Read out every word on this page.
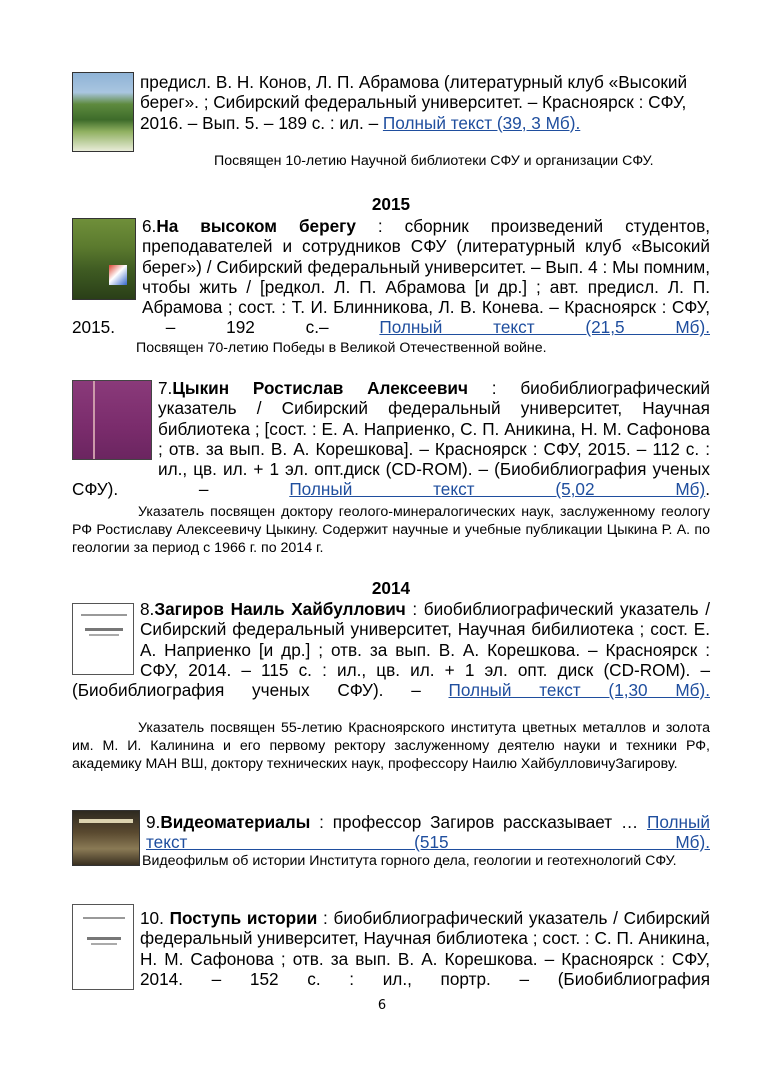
предисл. В. Н. Конов, Л. П. Абрамова (литературный клуб «Высокий берег». ; Сибирский федеральный университет. – Красноярск : СФУ, 2016. – Вып. 5. – 189 с. : ил. – Полный текст (39, 3 Мб).

Посвящен 10-летию Научной библиотеки СФУ и организации СФУ.

2015

6.На высоком берегу : сборник произведений студентов, преподавателей и сотрудников СФУ (литературный клуб «Высокий берег») / Сибирский федеральный университет. – Вып. 4 : Мы помним, чтобы жить / [редкол. Л. П. Абрамова [и др.] ; авт. предисл. Л. П. Абрамова ; сост. : Т. И. Блинникова, Л. В. Конева. – Красноярск : СФУ, 2015. – 192 с.– Полный текст (21,5 Мб).

Посвящен 70-летию Победы в Великой Отечественной войне.

7.Цыкин Ростислав Алексеевич : биобиблиографический указатель / Сибирский федеральный университет, Научная библиотека ; [сост. : Е. А. Наприенко, С. П. Аникина, Н. М. Сафонова ; отв. за вып. В. А. Корешкова]. – Красноярск : СФУ, 2015. – 112 с. : ил., цв. ил. + 1 эл. опт.диск (CD-ROM). – (Биобиблиография ученых СФУ). – Полный текст (5,02 Мб).

Указатель посвящен доктору геолого-минералогических наук, заслуженному геологу РФ Ростиславу Алексеевичу Цыкину. Содержит научные и учебные публикации Цыкина Р. А. по геологии за период с 1966 г. по 2014 г.

2014

8.Загиров Наиль Хайбуллович : биобиблиографический указатель / Сибирский федеральный университет, Научная бибилиотека ; сост. Е. А. Наприенко [и др.] ; отв. за вып. В. А. Корешкова. – Красноярск : СФУ, 2014. – 115 с. : ил., цв. ил. + 1 эл. опт. диск (CD-ROM). – (Биобиблиография ученых СФУ). – Полный текст (1,30 Мб).

Указатель посвящен 55-летию Красноярского института цветных металлов и золота им. М. И. Калинина и его первому ректору заслуженному деятелю науки и техники РФ, академику МАН ВШ, доктору технических наук, профессору Наилю ХайбулловичуЗагирову.

9.Видеоматериалы : профессор Загиров рассказывает … Полный текст (515 Мб).

Видеофильм об истории Института горного дела, геологии и геотехнологий СФУ.

10. Поступь истории : биобиблиографический указатель / Сибирский федеральный университет, Научная библиотека ; сост. : С. П. Аникина, Н. М. Сафонова ; отв. за вып. В. А. Корешкова. – Красноярск : СФУ, 2014. – 152 с. : ил., портр. – (Биобиблиография

6
